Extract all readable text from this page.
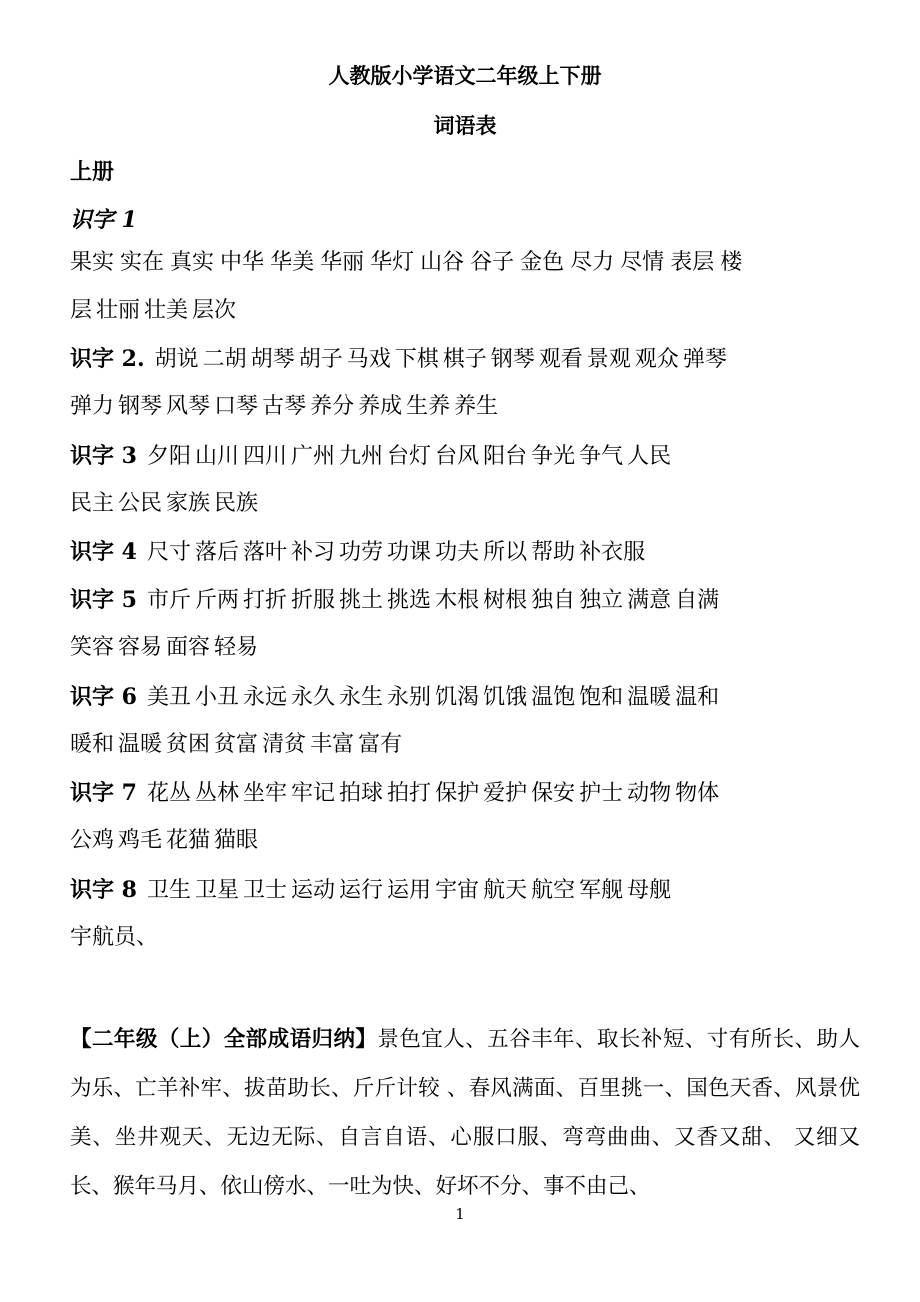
人教版小学语文二年级上下册
词语表
上册
识字 1
果实 实在 真实 中华 华美 华丽 华灯 山谷 谷子 金色 尽力 尽情 表层 楼
层 壮丽 壮美 层次
识字 2. 胡说 二胡 胡琴 胡子 马戏 下棋 棋子 钢琴 观看 景观 观众 弹琴
弹力 钢琴 风琴 口琴 古琴 养分 养成 生养 养生
识字 3 夕阳 山川 四川 广州 九州 台灯 台风 阳台 争光 争气 人民
民主 公民 家族 民族
识字 4 尺寸 落后 落叶 补习 功劳 功课 功夫 所以 帮助 补衣服
识字 5 市斤 斤两 打折 折服 挑土 挑选 木根 树根 独自 独立 满意 自满
笑容 容易 面容 轻易
识字 6 美丑 小丑 永远 永久 永生 永别 饥渴 饥饿 温饱 饱和 温暖 温和
暖和 温暖 贫困 贫富 清贫 丰富 富有
识字 7 花丛 丛林 坐牢 牢记 拍球 拍打 保护 爱护 保安 护士 动物 物体
公鸡 鸡毛 花猫 猫眼
识字 8 卫生 卫星 卫士 运动 运行 运用 宇宙 航天 航空 军舰 母舰
宇航员、
【二年级（上）全部成语归纳】景色宜人、五谷丰年、取长补短、寸有所长、助人为乐、亡羊补牢、拔苗助长、斤斤计较 、春风满面、百里挑一、国色天香、风景优美、坐井观天、无边无际、自言自语、心服口服、弯弯曲曲、又香又甜、 又细又长、猴年马月、依山傍水、一吐为快、好坏不分、事不由己、
1
